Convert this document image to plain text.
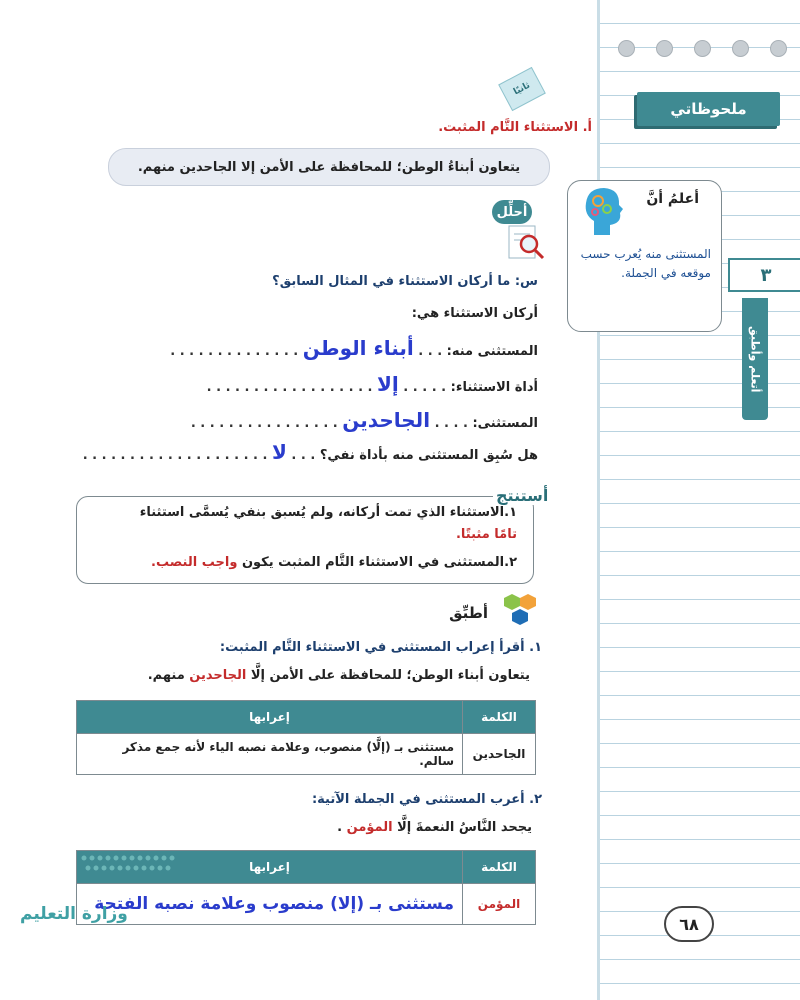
ملحوظاتي
٣
أتعلم وأطبق
أعلمُ أنَّ
المستثنى منه يُعرب حسب موقعه في الجملة.
ثانيًا
أ. الاستثناء التَّام المثبت.
يتعاون أبناءُ الوطن؛ للمحافظة على الأمن إلا الجاحدين منهم.
أحلِّل
س: ما أركان الاستثناء في المثال السابق؟
أركان الاستثناء هي:
المستثنى منه: . . . أبناء الوطن . . . . . . . . . . . . . .
أداة الاستثناء: . . . . . إلا . . . . . . . . . . . . . . . . . .
المستثنى: . . . . الجاحدين . . . . . . . . . . . . . . . .
هل سُبِق المستثنى منه بأداة نفي؟ . . . لا . . . . . . . . . . . . . . . . . . . .
١.الاستثناء الذي تمت أركانه، ولم يُسبق بنفي يُسمَّى استثناء
تامًا مثبتًا.
٢.المستثنى في الاستثناء التَّام المثبت يكون واجب النصب.
أستنتج
أطبِّق
١. أقرأ إعراب المستثنى في الاستثناء التَّام المثبت:
يتعاون أبناء الوطن؛ للمحافظة على الأمن إلَّا الجاحدين منهم.
الكلمة	إعرابها
الجاحدين	مستثنى بـ (إلَّا) منصوب، وعلامة نصبه الياء لأنه جمع مذكر سالم.
٢. أعرب المستثنى في الجملة الآتية:
يجحد النَّاسُ النعمةَ إلَّا المؤمن .
الكلمة	إعرابها
المؤمن	مستثنى بـ (إلا) منصوب وعلامة نصبه الفتحة
وزارة التعليم	٦٨
